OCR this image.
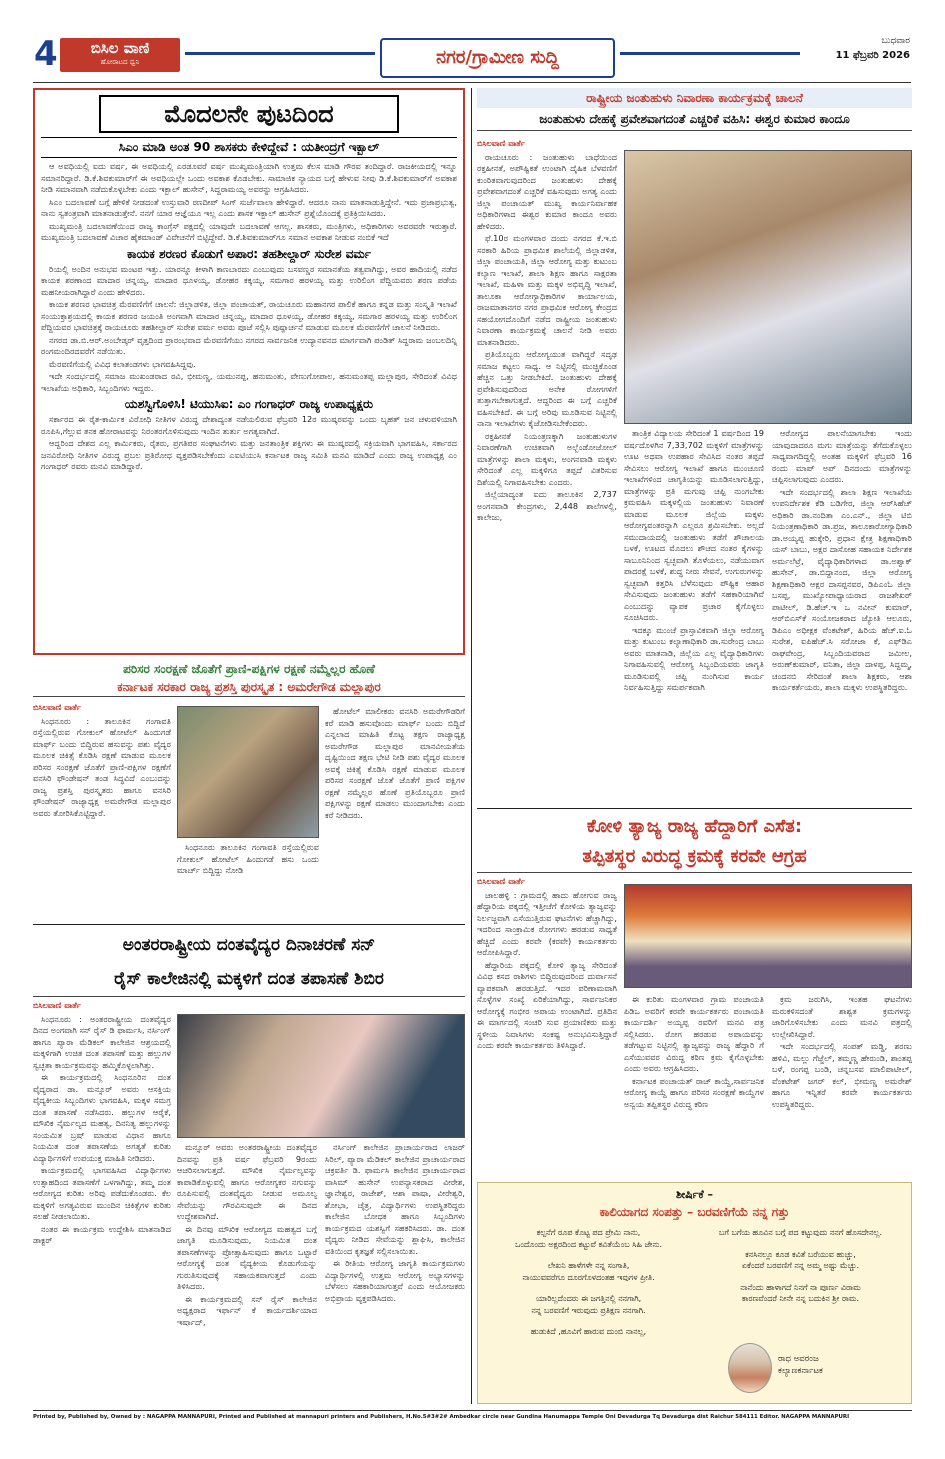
4	ಬಿಸಿಲ ವಾಣಿ
ಹೋರಾಟದ ಧ್ವನಿ	ನಗರ/ಗ್ರಾಮೀಣ ಸುದ್ದಿ
ಬುಧವಾರ
11 ಫೆಬ್ರವರಿ 2026
ಮೊದಲನೇ ಪುಟದಿಂದ
ಸಿಎಂ ಮಾಡಿ ಅಂತ 90 ಶಾಸಕರು ಕೇಳಿದ್ದೇವೆ : ಯತೀಂದ್ರಗೆ ಇಕ್ಬಾಲ್

ಆ ಅವಧಿಯಲ್ಲಿ ಐದು ವರ್ಷ, ಈ ಅವಧಿಯಲ್ಲಿ ಎರಡೂವರೆ ವರ್ಷ ಮುಖ್ಯಮಂತ್ರಿಯಾಗಿ ಉತ್ತಮ ಕೆಲಸ ಮಾಡಿ ಗೌರವ ತಂದಿದ್ದಾರೆ. ರಾಜಕೀಯದಲ್ಲಿ ಇನ್ನೂ ಸಮಾನರಿದ್ದಾರೆ. ಡಿ.ಕೆ.ಶಿವಕುಮಾರ್‌ಗೆ ಈ ಅವಧಿಯಲ್ಲೇ ಒಂದು ಅವಕಾಶ ಕೊಡಬೇಕು. ಸಾಮಾಜಿಕ ನ್ಯಾಯದ ಬಗ್ಗೆ ಹೇಳುವ ನೀವು ಡಿ.ಕೆ.ಶಿವಕುಮಾರ್‌ಗೆ ಅವಕಾಶ ನೀಡಿ ಸಮಾನವಾಗಿ ನಡೆದುಕೊಳ್ಳಬೇಕು ಎಂದು ಇಕ್ಬಾಲ್ ಹುಸೇನ್, ಸಿದ್ದರಾಮಯ್ಯ ಅವರನ್ನು ಆಗ್ರಹಿಸಿದರು.

ಸಿಎಂ ಬದಲಾವಣೆ ಬಗ್ಗೆ ಹೇಳಿಕೆ ನೀಡದಂತೆ ಉಸ್ತುವಾರಿ ರಣದೀಪ್ ಸಿಂಗ್ ಸುರ್ಜೆವಾಲಾ ಹೇಳಿದ್ದಾರೆ. ಆದರೂ ನಾನು ಮಾತನಾಡುತ್ತಿದ್ದೇನೆ. ಇದು ಪ್ರಜಾಪ್ರಭುತ್ವ, ನಾನು ಸ್ವತಂತ್ರವಾಗಿ ಮಾತನಾಡುತ್ತೇನೆ. ನನಗೆ ಯಾರ ಆಜ್ಞೆಯೂ ಇಲ್ಲ ಎಂದು ಶಾಸಕ ಇಕ್ಬಾಲ್ ಹುಸೇನ್ ಪ್ರಶ್ನೆಯೊಂದಕ್ಕೆ ಪ್ರತಿಕ್ರಿಯಿಸಿದರು.

ಮುಖ್ಯಮಂತ್ರಿ ಬದಲಾವಣೆಯಿಂದ ರಾಜ್ಯ ಕಾಂಗ್ರೆಸ್ ಪಕ್ಷದಲ್ಲಿ ಯಾವುದೇ ಬದಲಾವಣೆ ಆಗಲ್ಲ. ಶಾಸಕರು, ಮಂತ್ರಿಗಳು, ಅಧಿಕಾರಿಗಳು ಅವರವರೇ ಇರುತ್ತಾರೆ. ಮುಖ್ಯಮಂತ್ರಿ ಬದಲಾವಣೆ ವಿಚಾರ ಹೈಕಮಾಂಡ್ ವಿವೇಚನೆಗೆ ಬಿಟ್ಟಿದ್ದೇವೆ. ಡಿ.ಕೆ.ಶಿವಕುಮಾರ್‌ಗೂ ಸಮಾನ ಅವಕಾಶ ನೀಡುವ ನಂಬಿಕೆ ಇದೆ

ಕಾಯಕ ಶರಣರ ಕೊಡುಗೆ ಅಪಾರ: ತಹಶೀಲ್ದಾರ್ ಸುರೇಶ ವರ್ಮ

ರಿಯಲ್ಲಿ ಅಂದಿನ ಅನುಭವ ಮಂಟಪ ಇತ್ತು. ಯಾರನ್ನೂ ಕೀಳಾಗಿ ಕಾಣಬಾರದು ಎಂಬುವುದು ಬಸವಣ್ಣರ ಸಮಾನತೆಯ ತತ್ವವಾಗಿದ್ದು, ಅವರ ಹಾದಿಯಲ್ಲಿ ನಡೆದ ಕಾಯಕ ಶರಣಾಂದ ಮಾದಾರ ಚನ್ನಯ್ಯ, ಮಾದಾರ ಧೂಳಯ್ಯ, ಡೋಹರ ಕಕ್ಕಯ್ಯ, ಸಮಗಾರ ಹರಳಯ್ಯ ಮತ್ತು ಉರಿಲಿಂಗ ಪೆದ್ದಿಯವರು ಶರಣ ಪಡೆಯ ಮಹನೀಯರಾಗಿದ್ದಾರೆ ಎಂದು ಹೇಳಿದರು.

ಕಾಯಕ ಶರಣರ ಭಾವಚಿತ್ರ ಮೆರವಣಿಗೆಗೆ ಚಾಲನೆ: ಜಿಲ್ಲಾಡಳಿತ, ಜಿಲ್ಲಾ ಪಂಚಾಯತ್, ರಾಯಚೂರು ಮಹಾನಗರ ಪಾಲಿಕೆ ಹಾಗೂ ಕನ್ನಡ ಮತ್ತು ಸಂಸ್ಕೃತಿ ಇಲಾಖೆ ಸಂಯುಕ್ತಾಶ್ರಯದಲ್ಲಿ ಕಾಯಕ ಶರಣರ ಜಯಂತಿ ಅಂಗವಾಗಿ ಮಾದಾರ ಚನ್ನಯ್ಯ, ಮಾದಾರ ಧೂಳಯ್ಯ, ಡೋಹರ ಕಕ್ಕಯ್ಯ, ಸಮಗಾರ ಹರಳಯ್ಯ ಮತ್ತು ಉರಿಲಿಂಗ ಪೆದ್ದಿಯವರ ಭಾವಚಿತ್ರಕ್ಕೆ ರಾಯಚೂರು ತಹಶೀಲ್ದಾರ್ ಸುರೇಶ ವರ್ಮ ಅವರು ಪೂಜೆ ಸಲ್ಲಿಸಿ ಪುಷ್ಪಾರ್ಚನೆ ಮಾಡುವ ಮೂಲಕ ಮೆರವಣಿಗೆಗೆ ಚಾಲನೆ ನೀಡಿದರು.

ನಗರದ ಡಾ.ಬಿ.ಆರ್.ಅಂಬೇಡ್ಕರ್ ವೃತ್ತದಿಂದ ಪ್ರಾರಂಭವಾದ ಮೆರವಣಿಗೆಯು ನಗರದ ಸಾರ್ವಜನಿಕ ಉದ್ಯಾನವನದ ಮಾರ್ಗವಾಗಿ ಪಂಡಿತ್ ಸಿದ್ದರಾಮ ಜಂಬಲದಿನ್ನಿ ರಂಗಮಂದಿರದವರೆಗೆ ನಡೆಯಿತು.

ಮೆರವಣಿಗೆಯಲ್ಲಿ ವಿವಿಧ ಕಲಾತಂಡಗಳು ಭಾಗವಹಿಸಿದ್ದವು.

ಇದೇ ಸಂದರ್ಭದಲ್ಲಿ ಸಮಾಜ ಮುಖಂಡರಾದ ರವಿ, ಭೀಮಣ್ಣ, ಯಮುನಪ್ಪ, ಹನುಮಂತು, ವೇಣುಗೋಪಾಲ, ಹನುಮಂತಪ್ಪ ಮಲ್ಲಾಪುರ, ಸೇರಿದಂತೆ ವಿವಿಧ ಇಲಾಖೆಯ ಅಧಿಕಾರಿ, ಸಿಬ್ಬಂದಿಗಳು ಇದ್ದರು.

ಯಶಸ್ವಿಗೊಳಿಸಿ! ಟಿಯುಸಿಐ: ಎಂ ಗಂಗಾಧರ್ ರಾಜ್ಯ ಉಪಾಧ್ಯಕ್ಷರು

ಸರ್ಕಾರದ ಈ ರೈತ-ಕಾರ್ಮಿಕ ವಿರೋಧಿ ನೀತಿಗಳ ವಿರುದ್ಧ ದೇಶಾದ್ಯಂತ ನಡೆಯಲಿರುವ ಫೆಬ್ರವರಿ 12ರ ಮುಷ್ಕರವನ್ನು ಒಂದು ಬೃಹತ್ ಜನ ಚಳುವಳಿಯಾಗಿ ರೂಪಿಸಿ,ಗೆಲ್ಲುವ ತನಕ ಹೋರಾಟವನ್ನು ನಿರಂತರಗೊಳಿಸುವುದು ಇಂದಿನ ತುರ್ತು ಅಗತ್ಯವಾಗಿದೆ.

ಆದ್ದರಿಂದ ದೇಶದ ಎಲ್ಲ ಕಾರ್ಮಿಕರು, ರೈತರು, ಪ್ರಗತಿಪರ ಸಂಘಟನೆಗಳು ಮತ್ತು ಜನತಾಂತ್ರಿಕ ಶಕ್ತಿಗಳು ಈ ಮುಷ್ಕರದಲ್ಲಿ ಸಕ್ರಿಯವಾಗಿ ಭಾಗವಹಿಸಿ, ಸರ್ಕಾರದ ಜನವಿರೋಧಿ ನೀತಿಗಳ ವಿರುದ್ಧ ಪ್ರಬಲ ಪ್ರತಿರೋಧ ವ್ಯಕ್ತಪಡಿಸಬೇಕೆಂದು ಎಐಟಿಯುಸಿ ಕರ್ನಾಟಕ ರಾಜ್ಯ ಸಮಿತಿ ಮನವಿ ಮಾಡಿದೆ ಎಂದು ರಾಜ್ಯ ಉಪಾಧ್ಯಕ್ಷ ಎಂ ಗಂಗಾಧರ್ ರವರು ಮನವಿ ಮಾಡಿದ್ದಾರೆ.

ಪರಿಸರ ಸಂರಕ್ಷಣೆ ಜೊತೆಗೆ ಪ್ರಾಣಿ-ಪಕ್ಷಿಗಳ ರಕ್ಷಣೆ ನಮ್ಮೆಲ್ಲರ ಹೊಣೆ
ಕರ್ನಾಟಕ ಸರಕಾರ ರಾಜ್ಯ ಪ್ರಶಸ್ತಿ ಪುರಸ್ಕೃತ : ಅಮರೇಗೌಡ ಮಲ್ಲಾಪುರ
ಬಿಸಿಲವಾಣಿ ವಾರ್ತೆ

ಸಿಂಧನೂರು : ತಾಲೂಕಿನ ಗಂಗಾವತಿ ರಸ್ತೆಯಲ್ಲಿರುವ ಗೋಕುಲ್ ಹೋಟೆಲ್ ಹಿಂದುಗಡೆ ಮಾರ್ಫ್ ಬಂದು ಬಿದ್ದಿರುವ ಹಸುವನ್ನು ಪಶು ವೈದ್ಯರ ಮೂಲಕ ಚಿಕಿತ್ಸೆ ಕೊಡಿಸಿ ರಕ್ಷಣೆ ಮಾಡುವ ಮೂಲಕ ಪರಿಸರ ಸಂರಕ್ಷಣೆ ಜೊತೆಗೆ ಪ್ರಾಣಿ-ಪಕ್ಷಿಗಳ ರಕ್ಷಣೆಗೆ ವನಸಿರಿ ಫೌಂಡೇಷನ್ ತಂಡ ಸಿದ್ಧವಿದೆ ಎಂಬುದನ್ನು ರಾಜ್ಯ ಪ್ರಶಸ್ತಿ ಪುರಸ್ಕೃತರು ಹಾಗೂ ವನಸಿರಿ ಫೌಂಡೇಷನ್ ರಾಜ್ಯಾಧ್ಯಕ್ಷ ಅಮರೇಗೌಡ ಮಲ್ಲಾಪುರ ಅವರು ತೋರಿಸಿಕೊಟ್ಟಿದ್ದಾರೆ.

ಸಿಂಧನೂರು ತಾಲೂಕಿನ ಗಂಗಾವತಿ ರಸ್ತೆಯಲ್ಲಿರುವ ಗೋಕುಲ್ ಹೋಟೆಲ್ ಹಿಂದುಗಡೆ ಹಸು ಒಂದು ಮಾರ್ಚ್ ಬಿದ್ದಿದ್ದು ನೋಡಿ

ಹೋಟೆಲ್ ಮಾಲೀಕರು ವನಸಿರಿ ಅಮರೇಗೌಡರಿಗೆ ಕರೆ ಮಾಡಿ ಹಸುವೊಂದು ಮಾರ್ಫ್ ಬಂದು ಬಿದ್ದಿದೆ ಎನ್ನಲಾದ ಮಾಹಿತಿ ಕೊಟ್ಟ ತಕ್ಷಣ ರಾಜ್ಯಾಧ್ಯಕ್ಷ ಅಮರೇಗೌಡ ಮಲ್ಲಾಪುರ ಮಾನವೀಯತೆಯ ದೃಷ್ಟಿಯಿಂದ ತಕ್ಷಣ ಭೇಟಿ ನೀಡಿ ಪಶು ವೈದ್ಯರ ಮೂಲಕ ಅವಕ್ಕೆ ಚಿಕಿತ್ಸೆ ಕೊಡಿಸಿ ರಕ್ಷಣೆ ಮಾಡುವ ಮೂಲಕ ಪರಿಸರ ಸಂರಕ್ಷಣೆ ಜೊತೆ ಜೊತೆಗೆ ಪ್ರಾಣಿ ಪಕ್ಷಿಗಳ ರಕ್ಷಣೆ ನಮ್ಮೆಲ್ಲರ ಹೊಣೆ ಪ್ರತಿಯೊಬ್ಬರೂ ಪ್ರಾಣಿ ಪಕ್ಷಿಗಳನ್ನು ರಕ್ಷಣೆ ಮಾಡಲು ಮುಂದಾಗಬೇಕು ಎಂದು ಕರೆ ನೀಡಿದರು.

ಅಂತರರಾಷ್ಟ್ರೀಯ ದಂತವೈದ್ಯರ ದಿನಾಚರಣೆ ಸನ್
ರೈಸ್ ಕಾಲೇಜಿನಲ್ಲಿ ಮಕ್ಕಳಿಗೆ ದಂತ ತಪಾಸಣೆ ಶಿಬಿರ
ಬಿಸಿಲವಾಣಿ ವಾರ್ತೆ

ಸಿಂಧನೂರು : ಅಂತರರಾಷ್ಟ್ರೀಯ ದಂತವೈದ್ಯರ ದಿನದ ಅಂಗವಾಗಿ ಸನ್ ರೈಸ್ ಡಿ ಫಾರ್ಮಸಿ, ನರ್ಸಿಂಗ್ ಹಾಗೂ ಪ್ಯಾರಾ ಮೆಡಿಕಲ್ ಕಾಲೇಜಿನ ಆಶ್ರಯದಲ್ಲಿ ಮಕ್ಕಳಿಗಾಗಿ ಉಚಿತ ದಂತ ತಪಾಸಣೆ ಮತ್ತು ಹಲ್ಲುಗಳ ಸ್ವಚ್ಛತಾ ಕಾರ್ಯಕ್ರಮವನ್ನು ಹಮ್ಮಿಕೊಳ್ಳಲಾಗಿತ್ತು.

ಈ ಕಾರ್ಯಕ್ರಮದಲ್ಲಿ ಸಿಂಧನೂರಿನ ದಂತ ವೈದ್ಯರಾದ ಡಾ. ಮನ್ಸೂರ್ ಅವರು ಆಸಕ್ತಿಯ ವೈದ್ಯಕೀಯ ಸಿಬ್ಬಂದಿಗಳು ಭಾಗವಹಿಸಿ, ಮಕ್ಕಳ ಸಮಗ್ರ ದಂತ ತಪಾಸಣೆ ನಡೆಸಿದರು. ಹಲ್ಲುಗಳ ಆರೈಕೆ, ಮೌಖಿಕ ನೈರ್ಮಲ್ಯದ ಮಹತ್ವ, ದಿನನಿತ್ಯ ಹಲ್ಲುಗಳನ್ನು ಸಂಯಮಿತ ಬ್ರಷ್ ಮಾಡುವ ವಿಧಾನ ಹಾಗೂ ನಿಯಮಿತ ದಂತ ತಪಾಸಣೆಯ ಅಗತ್ಯತೆ ಕುರಿತು ವಿದ್ಯಾರ್ಥಿಗಳಿಗೆ ಉಪಯುಕ್ತ ಮಾಹಿತಿ ನೀಡಿದರು.

ಕಾರ್ಯಕ್ರಮದಲ್ಲಿ ಭಾಗವಹಿಸಿದ ವಿದ್ಯಾರ್ಥಿಗಳು ಉತ್ಸಾಹದಿಂದ ತಪಾಸಣೆಗೆ ಒಳಗಾಗಿದ್ದು, ತಮ್ಮ ದಂತ ಆರೋಗ್ಯದ ಕುರಿತು ಅರಿವು ಪಡೆದುಕೊಂಡರು. ಕೆಲ ಮಕ್ಕಳಿಗೆ ಅಗತ್ಯವಿರುವ ಮುಂದಿನ ಚಿಕಿತ್ಸೆಗಳ ಕುರಿತು ಸಲಹೆ ನೀಡಲಾಯಿತು.

ನಂತರ ಈ ಕಾರ್ಯಕ್ರಮ ಉದ್ದೇಶಿಸಿ ಮಾತನಾಡಿದ ಡಾಕ್ಟರ್

ಮನ್ಸೂರ್ ಅವರು ಅಂತರರಾಷ್ಟ್ರೀಯ ದಂತವೈದ್ಯರ ದಿನವನ್ನು ಪ್ರತಿ ವರ್ಷ ಫೆಬ್ರವರಿ 9ರಂದು ಆಚರಿಸಲಾಗುತ್ತದೆ. ಮೌಖಿಕ ನೈರ್ಮಲ್ಯವನ್ನು ಕಾಪಾಡಿಕೊಳ್ಳುವಲ್ಲಿ ಹಾಗೂ ಆರೋಗ್ಯಕರ ನಗುವನ್ನು ರೂಪಿಸುವಲ್ಲಿ ದಂತವೈದ್ಯರು ನೀಡುವ ಅಮೂಲ್ಯ ಸೇವೆಯನ್ನು ಗೌರವಿಸುವುದೇ ಈ ದಿನದ ಉದ್ದೇಶವಾಗಿದೆ.

ಈ ದಿನವು ಮೌಖಿಕ ಆರೋಗ್ಯದ ಮಹತ್ವದ ಬಗ್ಗೆ ಜಾಗೃತಿ ಮೂಡಿಸುವುದು, ನಿಯಮಿತ ದಂತ ತಪಾಸಣೆಗಳನ್ನು ಪ್ರೋತ್ಸಾಹಿಸುವುದು ಹಾಗೂ ಒಟ್ಟಾರೆ ಆರೋಗ್ಯಕ್ಕೆ ದಂತ ವೈದ್ಯಕೀಯ ಕೊಡುಗೆಯನ್ನು ಗುರುತಿಸುವುದಕ್ಕೆ ಸಹಾಯಕವಾಗುತ್ತದೆ ಎಂದು ತಿಳಿಸಿದರು.

ಈ ಕಾರ್ಯಕ್ರಮದಲ್ಲಿ ಸನ್ ರೈಸ್ ಕಾಲೇಜಿನ ಅಧ್ಯಕ್ಷರಾದ ಇರ್ಫಾನ್ ಕೆ ಕಾರ್ಯದರ್ಶಿಯಾದ ಇರ್ಷಾದ್,

ನರ್ಸಿಂಗ್ ಕಾಲೇಜಿನ ಪ್ರಾಚಾರ್ಯರಾದ ಲಾಜರ್ ಸಿರಿಲ್, ಪ್ಯಾರಾ ಮೆಡಿಕಲ್ ಕಾಲೇಜಿನ ಪ್ರಾಚಾರ್ಯರಾದ ಚಕ್ರವರ್ತಿ ಡಿ. ಫಾರ್ಮಸಿ ಕಾಲೇಜಿನ ಪ್ರಾಚಾರ್ಯರಾದ ವಾಸಿಮ್ ಹುಸೇನ್ ಉಪನ್ಯಾಸಕರಾದ ವೀರೇಶ, ಜ್ಞಾನೇಶ್ವರ, ರಾಜೇಶ್, ಆಶಾ ಪಾಷಾ, ವೀರೇಶ್ವರಿ, ಶೋಭಾ, ಚೈತ್ರ, ವಿದ್ಯಾರ್ಥಿಗಳು ಉಪಸ್ಥಿತರಿದ್ದರು ಕಾಲೇಜಿನ ಬೋಧಕ ಹಾಗೂ ಸಿಬ್ಬಂದಿಗಳು ಕಾರ್ಯಕ್ರಮದ ಯಶಸ್ವಿಗೆ ಸಹಕರಿಸಿದರು. ಡಾ. ದಂತ ವೈದ್ಯರು ನೀಡಿದ ಸೇವೆಯನ್ನು ಶ್ಲಾಘಿಸಿ, ಕಾಲೇಜಿನ ವತಿಯಿಂದ ಕೃತಜ್ಞತೆ ಸಲ್ಲಿಸಲಾಯಿತು.

ಈ ರೀತಿಯ ಆರೋಗ್ಯ ಜಾಗೃತಿ ಕಾರ್ಯಕ್ರಮಗಳು ವಿದ್ಯಾರ್ಥಿಗಳಲ್ಲಿ ಉತ್ತಮ ಆರೋಗ್ಯ ಅಭ್ಯಾಸಗಳನ್ನು ಬೆಳೆಸಲು ಸಹಕಾರಿಯಾಗುತ್ತವೆ ಎಂದು ಆಯೋಜಕರು ಅಭಿಪ್ರಾಯ ವ್ಯಕ್ತಪಡಿಸಿದರು.

ರಾಷ್ಟ್ರೀಯ ಜಂತುಹುಳು ನಿವಾರಣಾ ಕಾರ್ಯಕ್ರಮಕ್ಕೆ ಚಾಲನೆ
ಜಂತುಹುಳು ದೇಹಕ್ಕೆ ಪ್ರವೇಶವಾಗದಂತೆ ಎಚ್ಚರಿಕೆ ವಹಿಸಿ: ಈಶ್ವರ ಕುಮಾರ ಕಾಂದೂ
ಬಿಸಿಲವಾಣಿ ವಾರ್ತೆ

ರಾಯಚೂರು : ಜಂತುಹುಳು ಬಾಧೆಯಿಂದ ರಕ್ತಹೀನತೆ, ಅಪೌಷ್ಟಿಕತೆ ಉಂಟಾಗಿ ದೈಹಿಕ ಬೆಳವಣಿಗೆ ಕುಂಠಿತವಾಗುವುದರಿಂದ ಜಂತುಹುಳು ದೇಹಕ್ಕೆ ಪ್ರವೇಶವಾಗದಂತೆ ಎಚ್ಚರಿಕೆ ವಹಿಸುವುದು ಅಗತ್ಯ ಎಂದು ಜಿಲ್ಲಾ ಪಂಚಾಯತ್ ಮುಖ್ಯ ಕಾರ್ಯನಿರ್ವಾಹಕ ಅಧಿಕಾರಿಗಳಾದ ಈಶ್ವರ ಕುಮಾರ ಕಾಂದೂ ಅವರು ಹೇಳಿದರು.

ಫೆ.10ರ ಮಂಗಳವಾರ ದಂದು ನಗರದ ಕೆ.ಇ.ಬಿ ಸರಕಾರಿ ಹಿರಿಯ ಪ್ರಾಥಮಿಕ ಶಾಲೆಯಲ್ಲಿ ಜಿಲ್ಲಾಡಳಿತ, ಜಿಲ್ಲಾ ಪಂಚಾಯತಿ, ಜಿಲ್ಲಾ ಆರೋಗ್ಯ ಮತ್ತು ಕುಟುಂಬ ಕಲ್ಯಾಣ ಇಲಾಖೆ, ಶಾಲಾ ಶಿಕ್ಷಣ ಹಾಗೂ ಸಾಕ್ಷರತಾ ಇಲಾಖೆ, ಮಹಿಳಾ ಮತ್ತು ಮಕ್ಕಳ ಅಭಿವೃದ್ಧಿ ಇಲಾಖೆ, ತಾಲೂಕಾ ಆರೋಗ್ಯಾಧಿಕಾರಿಗಳ ಕಾರ್ಯಾಲಯ, ರಾಜಮಾತಾನಗರ ನಗರ ಪ್ರಾಥಮಿಕ ಆರೋಗ್ಯ ಕೇಂದ್ರದ ಸಹಯೋಗದೊಂದಿಗೆ ನಡೆದ ರಾಷ್ಟ್ರೀಯ ಜಂತುಹುಳು ನಿವಾರಣಾ ಕಾರ್ಯಕ್ರಮಕ್ಕೆ ಚಾಲನೆ ನೀಡಿ ಅವರು ಮಾತನಾಡಿದರು.

ಪ್ರತಿಯೊಬ್ಬರು ಆರೋಗ್ಯಯುತ ವಾಗಿದ್ದರೆ ಸದೃಢ ಸಮಾಜ ಕಟ್ಟಲು ಸಾಧ್ಯ. ಆ ನಿಟ್ಟಿನಲ್ಲಿ ಮುಚ್ಚಿಕೊಂಡ ಹೆಚ್ಚಿನ ಒತ್ತು ನೀಡಬೇಕಿದೆ. ಜಂತುಹುಳು ದೇಹಕ್ಕೆ ಪ್ರವೇಶಿಸುವುದರಿಂದ ಅನೇಕ ರೋಗಗಳಿಗೆ ತುತ್ತಾಗಬೇಕಾಗುತ್ತದೆ. ಆದ್ದರಿಂದ ಈ ಬಗ್ಗೆ ಎಚ್ಚರಿಕೆ ವಹಿಸಬೇಕಿದೆ. ಈ ಬಗ್ಗೆ ಅರಿವು ಮೂಡಿಸುವ ನಿಟ್ಟಿನಲ್ಲಿ ನಾನಾ ಇಲಾಖೆಗಳು ಕೈಜೋಡಿಸಬೇಕೆಂದರು.

ರಕ್ತಹೀನತೆ ನಿಯಂತ್ರಣಕ್ಕಾಗಿ ಜಂತುಹುಳುಗಳ ನಿವಾರಣೆಗಾಗಿ ಉಚಿತವಾಗಿ ಅಲ್ಬೆಂಡೋಜೋಲ್ ಮಾತ್ರೆಗಳನ್ನು ಶಾಲಾ ಮಕ್ಕಳು, ಅಂಗನವಾಡಿ ಮಕ್ಕಳು ಸೇರಿದಂತೆ ಎಲ್ಲ ಮಕ್ಕಳಿಗೂ ತಪ್ಪದೆ ವಿತರಿಸುವ ದಿಶೆಯಲ್ಲಿ ನಿಗಾವಹಿಸಬೇಕು ಎಂದರು.

ಜಿಲ್ಲೆಯಾದ್ಯಂತ ಐದು ತಾಲೂಕಿನ 2,737 ಅಂಗನವಾಡಿ ಕೇಂದ್ರಗಳು, 2,448 ಶಾಲೆಗಳಲ್ಲಿ, ಕಾಲೇಜು,

ತಾಂತ್ರಿಕ ವಿದ್ಯಾಲಯ ಸೇರಿದಂತೆ 1 ವರ್ಷದಿಂದ 19 ವರ್ಷದೊಳಗಿನ 7,33,702 ಮಕ್ಕಳಿಗೆ ಮಾತ್ರೆಗಳನ್ನು ಊಟ ಅಥವಾ ಉಪಹಾರ ಸೇವಿಸಿದ ನಂತರ ತಪ್ಪದೆ ಸೇವಿಸಲು ಆರೋಗ್ಯ ಇಲಾಖೆ ಹಾಗೂ ಮುಂಚೂಣಿ ಇಲಾಖೆಗಳಿಂದ ಜಾಗೃತಿಯನ್ನು ಮೂಡಿಸಲಾಗುತ್ತಿದ್ದು, ಮಾತ್ರೆಗಳನ್ನು ಪ್ರತಿ ಮಗುವು ಚಪ್ಪಿ ನುಂಗಬೇಕು ಕ್ರಮವಹಿಸಿ ಮಕ್ಕಳಲ್ಲಿಯ ಜಂತುಹುಳು ನಿವಾರಣೆ ಮಾಡುವ ಮೂಲಕ ಜಿಲ್ಲೆಯ ಮಕ್ಕಳು ಆರೋಗ್ಯವಂತರನ್ನಾಗಿ ಎಲ್ಲರೂ ಶ್ರಮಿಸಬೇಕು. ಅಲ್ಲದೆ ಸಮುದಾಯದಲ್ಲಿ ಜಂತುಹುಳು ತಡೆಗೆ ಶೌಚಾಲಯ ಬಳಕೆ, ಊಟದ ಮೊದಲು ಶೌಚದ ನಂತರ ಕೈಗಳನ್ನು ಸಾಬೂನಿನಿಂದ ಸ್ವಚ್ಛವಾಗಿ ತೊಳೆಯಲು, ನಡೆಯುವಾಗ ಪಾದರಕ್ಷೆ ಬಳಕೆ, ಶುದ್ಧ ನೀರು ಸೇವನೆ, ಉಗುರುಗಳನ್ನು ಸ್ವಚ್ಛವಾಗಿ ಕತ್ತರಿಸಿ ಬೆಳೆಸುವುದು ಪೌಷ್ಟಿಕ ಆಹಾರ ಸೇವಿಸುವುದು ಜಂತುಹುಳು ತಡೆಗೆ ಸಹಕಾರಿಯಾಗಿವೆ ಎಂಬುದನ್ನು ವ್ಯಾಪಕ ಪ್ರಚಾರ ಕೈಗೊಳ್ಳಲು ಸೂಚಿಸಿದರು.

ಇದಕ್ಕೂ ಮುಂಚೆ ಪ್ರಾಸ್ತಾವಿಕವಾಗಿ ಜಿಲ್ಲಾ ಆರೋಗ್ಯ ಮತ್ತು ಕುಟುಂಬ ಕಲ್ಯಾಣಾಧಿಕಾರಿ ಡಾ.ಸುರೇಂದ್ರ ಬಾಬು ಅವರು ಮಾತನಾಡಿ, ಜಿಲ್ಲೆಯ ಎಲ್ಲ ವೈದ್ಯಾಧಿಕಾರಿಗಳು ನಿಗಾವಹಿಸುವಲ್ಲಿ ಆರೋಗ್ಯ ಸಿಬ್ಬಂದಿಯವರು ಜಾಗೃತಿ ಮೂಡಿಸುವಲ್ಲಿ ಚಪ್ಪಿ ನುಂಗಿಸುವ ಕಾರ್ಯ ನಿರ್ವಹಿಸುತ್ತಿದ್ದು ಸಮರ್ಪಕವಾಗಿ

ಆರೋಗ್ಯದ ಪಾಲನೆಯಾಗಬೇಕು ಇಂದು ಯಾವುದಾದರೂ ಮಗು ಮಾತ್ರೆಯನ್ನು ತೆಗೆದುಕೊಳ್ಳಲು ಸಾಧ್ಯವಾಗದಿದ್ದಲ್ಲಿ ಅಂತಹ ಮಕ್ಕಳಿಗೆ ಫೆಬ್ರವರಿ 16 ರಂದು ಮಾಪ್ ಅಪ್ ದಿನದಂದು ಮಾತ್ರೆಗಳನ್ನು ಚಪ್ಪಿಸಲಾಗುವುದು ಎಂದರು.

ಇದೇ ಸಂದರ್ಭದಲ್ಲಿ ಶಾಲಾ ಶಿಕ್ಷಣ ಇಲಾಖೆಯ ಉಪನಿರ್ದೇಶಕ ಕೆಡಿ ಬಡಿಗೇರ, ಜಿಲ್ಲಾ ಆರ್‌ಸಿಹೆಚ್ ಅಧಿಕಾರಿ ಡಾ.ನಂದಿತಾ ಎಂ.ಎನ್., ಜಿಲ್ಲಾ ಟಿಬಿ ನಿಯಂತ್ರಣಾಧಿಕಾರಿ ಡಾ.ಪ್ರಜ, ತಾಲೂಕಾರೋಗ್ಯಾಧಿಕಾರಿ ಡಾ.ಅಯ್ಯಪ್ಪ ಹುಕ್ಕೇರಿ, ಪ್ರಧಾನ ಕ್ಷೇತ್ರ ಶಿಕ್ಷಣಾಧಿಕಾರಿ ಯಸ್ ಬಾಬು, ಅಕ್ಷರ ದಾಸೋಹ ಸಹಾಯಕ ನಿರ್ದೇಶಕ ಅರ್ಮಲೆಟ್ರೆ, ವೈದ್ಯಾಧಿಕಾರಿಗಳಾದ ಡಾ.ಅಶ್ವಾಕ್ ಹುಸೇನ್, ಡಾ.ಬಿದ್ದಾನಂದ, ಜಿಲ್ಲಾ ಆರೋಗ್ಯ ಶಿಕ್ಷಣಾಧಿಕಾರಿ ಆಕ್ಷರ ದಾಸಪ್ಪನವರ, ಡಿಪಿಎಂಓ ಜಿಲ್ಲಾ ಬಸಪ್ಪ, ಮುಖ್ಯೋಪಾಧ್ಯಾಯರಾದ ರಾಜಶೇಖರ್ ಪಾಟೀಲ್, ಡಿ.ಹೆಚ್.ಇ ಒ ನವೀನ್ ಕುಮಾರ್, ಆರ್‌ಬಿಎಸ್‌ಕೆ ಸಂಯೋಜಕರಾದ ಜ್ಯೋತಿ ಆಲೂರು, ಡಿಪಿಎಂ ಅಧೀಕ್ಷಕ ವೆಂಕಟೇಶ್, ಹಿರಿಯ ಹೆಚ್.ಐ.ಓ ಸುರೇಶ, ಐಪಿಹೆಚ್.ಸಿ ಸರೋಜಾ ಕೆ, ಎಫ್‌ಡಿಎ ರಾಘವೇಂದ್ರ, ಸಿಬ್ಬಂದಿಯವರಾದ ಜಮೀಲ, ಅರುಣ್‌ಕುಮಾರ್, ವನಿತಾ, ಜಿಲ್ಲಾ ದಾಳಪ್ಪ, ಸಿದ್ದಮ್ಮ, ಚಂದನಬಿ ಸೇರಿದಂತೆ ಶಾಲಾ ಶಿಕ್ಷಕರು, ಆಶಾ ಕಾರ್ಯಕರ್ತೆಯರು, ಶಾಲಾ ಮಕ್ಕಳು ಉಪಸ್ಥಿತರಿದ್ದರು.

ಕೋಳಿ ತ್ಯಾಜ್ಯ ರಾಜ್ಯ ಹೆದ್ದಾರಿಗೆ ಎಸೆತ:
ತಪ್ಪಿತಸ್ಥರ ವಿರುದ್ಧ ಕ್ರಮಕ್ಕೆ ಕರವೇ ಆಗ್ರಹ
ಬಿಸಿಲವಾಣಿ ವಾರ್ತೆ

ಜಾಲಹಳ್ಳಿ : ಗ್ರಾಮದಲ್ಲಿ ಹಾದು ಹೋಗುವ ರಾಜ್ಯ ಹೆದ್ದಾರಿಯ ಪಕ್ಕದಲ್ಲಿ ಇತ್ತೀಚೆಗೆ ಕೋಳಿಯ ತ್ಯಾಜ್ಯವನ್ನು ನಿರ್ಲಜ್ಜವಾಗಿ ಎಸೆಯುತ್ತಿರುವ ಘಟನೆಗಳು ಹೆಚ್ಚಾಗಿದ್ದು, ಇದರಿಂದ ಸಾಂಕ್ರಾಮಿಕ ರೋಗಗಳು ಹರಡುವ ಸಾಧ್ಯತೆ ಹೆಚ್ಚಿದೆ ಎಂದು ಕರವೇ (ಕರವೇ) ಕಾರ್ಯಕರ್ತರು ಆರೋಪಿಸಿದ್ದಾರೆ.

ಹೆದ್ದಾರಿಯ ಪಕ್ಕದಲ್ಲಿ ಕೋಳಿ ತ್ಯಾಜ್ಯ ಸೇರಿದಂತೆ ವಿವಿಧ ಕಸದ ರಾಶಿಗಳು ಬಿದ್ದಿರುವುದರಿಂದ ದುರ್ವಾಸನೆ ವ್ಯಾಪಕವಾಗಿ ಹರಡುತ್ತಿದೆ. ಇದರ ಪರಿಣಾಮವಾಗಿ ಸೊಳ್ಳೆಗಳ ಸಂಖ್ಯೆ ಏರಿಕೆಯಾಗಿದ್ದು, ಸಾರ್ವಜನಿಕರ ಆರೋಗ್ಯಕ್ಕೆ ಗಂಭೀರ ಅಪಾಯ ಉಂಟಾಗಿದೆ. ಪ್ರತಿದಿನ ಈ ಮಾರ್ಗದಲ್ಲಿ ಸಂಚರಿ ಸುವ ಪ್ರಯಾಣಿಕರು ಮತ್ತು ಸ್ಥಳೀಯ ನಿವಾಸಿಗಳು ಸಂಕಷ್ಟ ಅನುಭವಿಸುತ್ತಿದ್ದಾರೆ ಎಂದು ಕರವೇ ಕಾರ್ಯಕರ್ತರು ತಿಳಿಸಿದ್ದಾರೆ.

ಈ ಕುರಿತು ಮಂಗಳವಾರ ಗ್ರಾಮ ಪಂಚಾಯತಿ ಪಿಡಿಒ ಅವರಿಗೆ ಕರವೇ ಕಾರ್ಯಕರ್ತರು ಪಂಚಾಯತಿ ಕಾರ್ಯದರ್ಶಿ ಅಯ್ಯಪ್ಪ ರವರಿಗೆ ಮನವಿ ಪತ್ರ ಸಲ್ಲಿಸಿದರು. ರೋಗ ಹರಡುವ ಅಪಾಯವನ್ನು ತಡೆಗಟ್ಟುವ ನಿಟ್ಟಿನಲ್ಲಿ ತ್ಯಾಜ್ಯವನ್ನು ರಾಜ್ಯ ಹೆದ್ದಾರಿ ಗೆ ಎಸೆಯುವವರ ವಿರುದ್ಧ ಕಠಿಣ ಕ್ರಮ ಕೈಗೊಳ್ಳಬೇಕು ಎಂದು ಅವರು ಆಗ್ರಹಿಸಿದರು.

ಕರ್ನಾಟಕ ಪಂಚಾಯತ್ ರಾಜ್ ಕಾಯ್ದೆ,ಸಾರ್ವಜನಿಕ ಆರೋಗ್ಯ ಕಾಯ್ದೆ ಹಾಗೂ ಪರಿಸರ ಸಂರಕ್ಷಣೆ ಕಾಯ್ದೆಗಳ ಅನ್ವಯ ತಪ್ಪಿತಸ್ಥರ ವಿರುದ್ಧ ಕಠಿಣ

ಕ್ರಮ ಜರುಗಿಸಿ, ಇಂತಹ ಘಟನೆಗಳು ಮರುಕಳಿಸದಂತೆ ಶಾಶ್ವತ ಕ್ರಮಗಳನ್ನು ಜಾರಿಗೊಳಿಸಬೇಕು ಎಂದು ಮನವಿ ಪತ್ರದಲ್ಲಿ ಉಲ್ಲೇಖಿಸಿದ್ದಾರೆ.

ಇದೇ ಸಂದರ್ಭದಲ್ಲಿ ಸಂಪತ್ ಮಡ್ಡಿ, ಶರಣು ಹಳಿವಿ, ಮಲ್ಲು ಗೆಜ್ಜೆಲ್, ತಮ್ಮಣ್ಣ ಹೇರುಂಡಿ, ಶಾಂತಪ್ಪ ಬಳೆ, ರಂಗಪ್ಪ ಬಂಡಿ, ಚನ್ನಬಸವ ಮಾಲಿಪಾಟೀಲ್, ವೆಂಕಟೇಶ್ ಜಗರ್ ಕಲ್, ಭೀಮಣ್ಣ ಅಮರೇಶ್ ಹಾಗೂ ಇನ್ನಿತರೆ ಕರವೇ ಕಾರ್ಯಕರ್ತರು ಉಪಸ್ಥಿತರಿದ್ದರು.

ಶೀರ್ಷಿಕೆ –
ಕಾಲಿಯಾಗದ ಸಂಪತ್ತು – ಬರವಣಿಗೆಯೆ ನನ್ನ ಗತ್ತು
ಕಲ್ಪನೆಗೆ ರೂಪ ಕೊಟ್ಟ ಪದ ಪ್ರೇಮಿ ನಾನು,
ಒಂದೊಂದು ಅಕ್ಷರದಿಂದ ಕಟ್ಟುವೆ ಕವಿತೆಯೆಂಬ ಸಿಹಿ ಜೇನು.
ಲೇಖನಿ ಹಾಳೆಗಳೇ ನನ್ನ ಸಂಗಾತಿ,
ನಾಯುವವರೆಗೂ ದೂರಗೊಳದಂತಹ ಇವುಗಳ ಪ್ರೀತಿ.
ಯಾರಿಲ್ಲದೆಂದರು ಈ ಜಗತ್ತಿನಲ್ಲಿ ನನಗಾಗಿ,
ನನ್ನ ಬರವಣಿಗೆ ಇರುವುದು ಪ್ರತಿಕ್ಷಣ ನನಗಾಗಿ.
ಹುಡುಕಿದೆ ,ಹೂವಿಗೆ ಹಾರುವ ದುಂಬಿ ನಾನಲ್ಲ,
ಬಗೆ ಬಗೆಯ ಹೂವಿನ ಬಗ್ಗೆ ಪದ ಕಟ್ಟುವುದು ನನಗೆ ಹೊಸದೇನಲ್ಲ.
ಕನಸಿನಲ್ಲೂ ಕೂಡ ಕವಿತೆ ಬರೆಯುವ ಹುಚ್ಚು,
ಏಕೆಂದರೆ ಬರವಣಿಗೆ ನನ್ನ ಅಮ್ಮ ಅಷ್ಟು ಮೆಚ್ಚು.
ನಾನೆಂದು ಹಾಳಾಗದೆ ನಿನಗೆ ನಾ ಪೂರ್ಣ ವಿರಾಮ
ಕಾರಣವೆಂದರೆ ನೀನೇ ನನ್ನ ಬದುಕಿನ ಶ್ರೀ ರಾಮ.
ರಾಧ ಅವರಂಜ
ಕಲ್ಯಾಣಕರ್ನಾಟಕ
Printed by, Published by, Owned by : NAGAPPA MANNAPURI, Printed and Published at mannapuri printers and Publishers, H.No.5#3#2# Ambedkar circle near Gundina Hanumappa Temple Oni Devadurga Tq Devadurga dist Raichur 584111 Editor. NAGAPPA MANNAPURI
